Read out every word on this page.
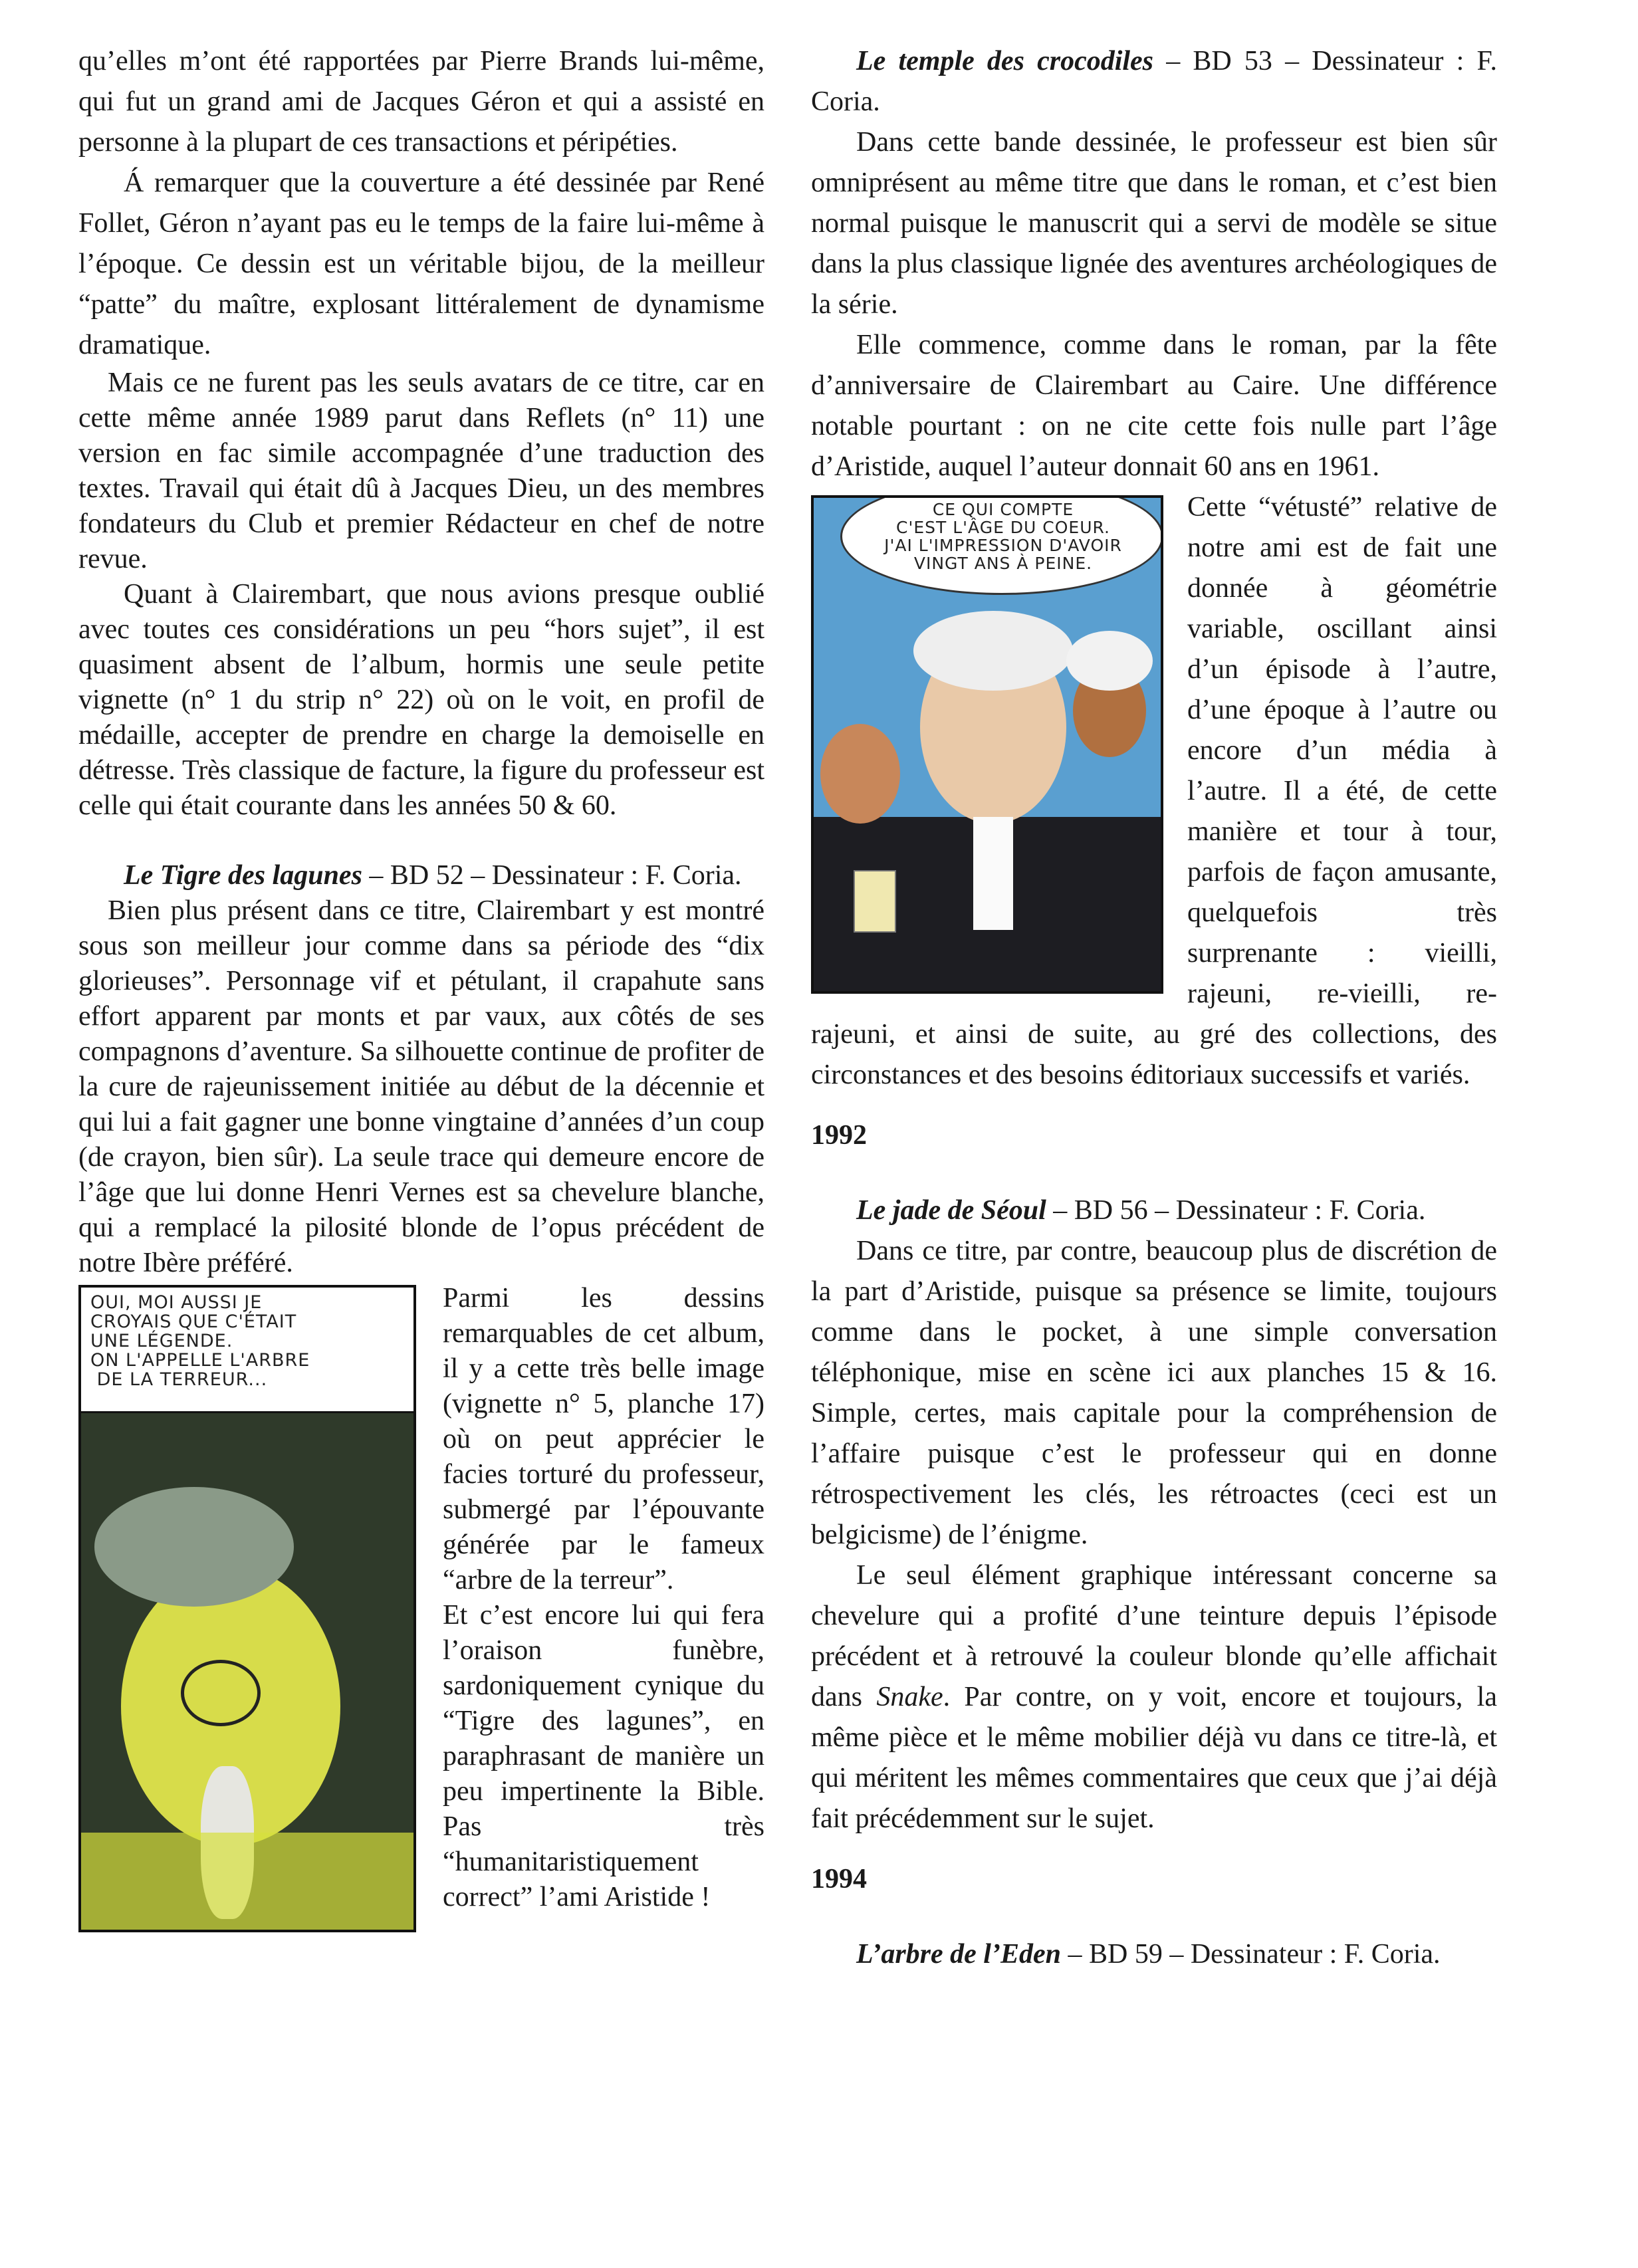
qu’elles m’ont été rapportées par Pierre Brands lui-même, qui fut un grand ami de Jacques Géron et qui a assisté en personne à la plupart de ces transactions et péripéties.

Á remarquer que la couverture a été dessinée par René Follet, Géron n’ayant pas eu le temps de la faire lui-même à l’époque. Ce dessin est un véritable bijou, de la meilleur “patte” du maître, explosant littéralement de dynamisme dramatique.

Mais ce ne furent pas les seuls avatars de ce titre, car en cette même année 1989 parut dans Reflets (n° 11) une version en fac simile accompagnée d’une traduction des textes. Travail qui était dû à Jacques Dieu, un des membres fondateurs du Club et premier Rédacteur en chef de notre revue.

Quant à Clairembart, que nous avions presque oublié avec toutes ces considérations un peu “hors sujet”, il est quasiment absent de l’album, hormis une seule petite vignette (n° 1 du strip n° 22) où on le voit, en profil de médaille, accepter de prendre en charge la demoiselle en détresse. Très classique de facture, la figure du professeur est celle qui était courante dans les années 50 & 60.

Le Tigre des lagunes – BD 52 – Dessinateur : F. Coria.

Bien plus présent dans ce titre, Clairembart y est montré sous son meilleur jour comme dans sa période des “dix glorieuses”. Personnage vif et pétulant, il crapahute sans effort apparent par monts et par vaux, aux côtés de ses compagnons d’aventure. Sa silhouette continue de profiter de la cure de rajeunissement initiée au début de la décennie et qui lui a fait gagner une bonne vingtaine d’années d’un coup (de crayon, bien sûr). La seule trace qui demeure encore de l’âge que lui donne Henri Vernes est sa chevelure blanche, qui a remplacé la pilosité blonde de l’opus précédent de notre Ibère préféré.

OUI, MOI AUSSI JE
CROYAIS QUE C'ÉTAIT
UNE LÉGENDE.
ON L'APPELLE L'ARBRE
DE LA TERREUR...

Parmi les dessins remarquables de cet album, il y a cette très belle image (vignette n° 5, planche 17) où on peut apprécier le facies torturé du professeur, submergé par l’épouvante générée par le fameux “arbre de la terreur”.

Et c’est encore lui qui fera l’oraison funèbre, sardoniquement cynique du “Tigre des lagunes”, en paraphrasant de manière un peu impertinente la Bible. Pas très “humanitaristiquement correct” l’ami Aristide !

Le temple des crocodiles – BD 53 – Dessinateur : F. Coria.

Dans cette bande dessinée, le professeur est bien sûr omniprésent au même titre que dans le roman, et c’est bien normal puisque le manuscrit qui a servi de modèle se situe dans la plus classique lignée des aventures archéologiques de la série.

Elle commence, comme dans le roman, par la fête d’anniversaire de Clairembart au Caire. Une différence notable pourtant : on ne cite cette fois nulle part l’âge d’Aristide, auquel l’auteur donnait 60 ans en 1961.

CE QUI COMPTE
C'EST L'ÂGE DU COEUR.
J'AI L'IMPRESSION D'AVOIR
VINGT ANS À PEINE.

Cette “vétusté” relative de notre ami est de fait une donnée à géométrie variable, oscillant ainsi d’un épisode à l’autre, d’une époque à l’autre ou encore d’un média à l’autre. Il a été, de cette manière et tour à tour, parfois de façon amusante, quelquefois très surprenante : vieilli, rajeuni, re-vieilli, re-rajeuni, et ainsi de suite, au gré des collections, des circonstances et des besoins éditoriaux successifs et variés.

1992

Le jade de Séoul – BD 56 – Dessinateur : F. Coria.

Dans ce titre, par contre, beaucoup plus de discrétion de la part d’Aristide, puisque sa présence se limite, toujours comme dans le pocket, à une simple conversation téléphonique, mise en scène ici aux planches 15 & 16. Simple, certes, mais capitale pour la compréhension de l’affaire puisque c’est le professeur qui en donne rétrospectivement les clés, les rétroactes (ceci est un belgicisme) de l’énigme.

Le seul élément graphique intéressant concerne sa chevelure qui a profité d’une teinture depuis l’épisode précédent et à retrouvé la couleur blonde qu’elle affichait dans Snake. Par contre, on y voit, encore et toujours, la même pièce et le même mobilier déjà vu dans ce titre-là, et qui méritent les mêmes commentaires que ceux que j’ai déjà fait précédemment sur le sujet.

1994

L’arbre de l’Eden – BD 59 – Dessinateur : F. Coria.
